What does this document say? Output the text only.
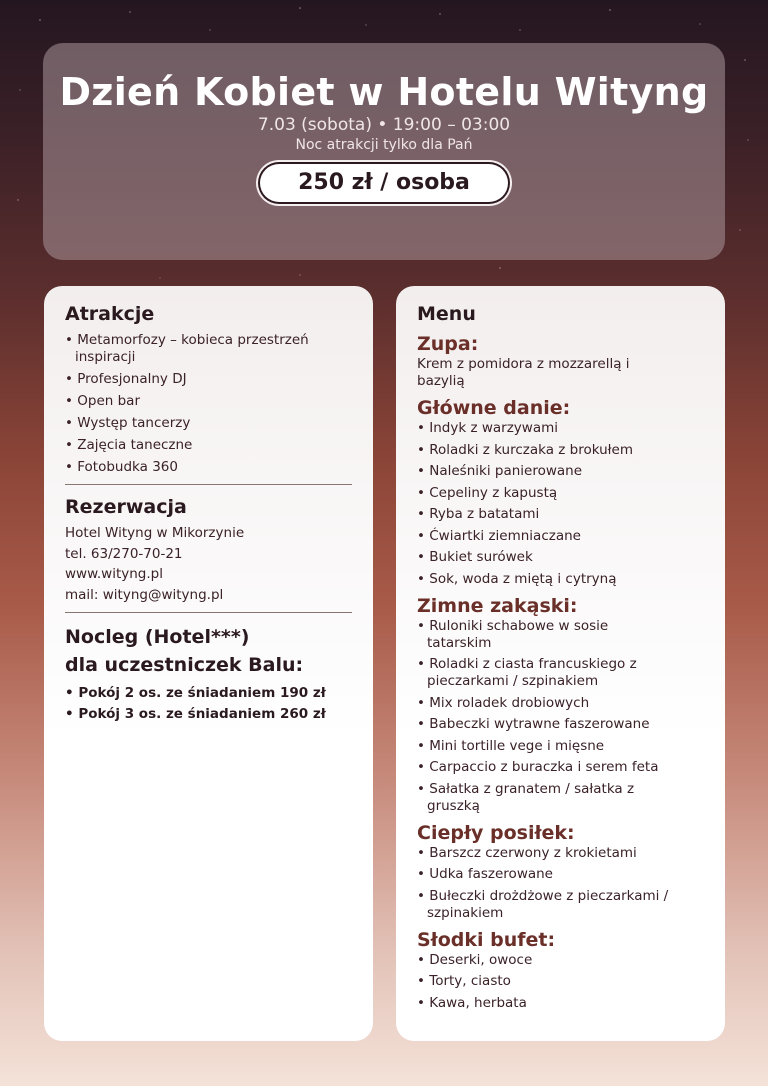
Dzień Kobiet w Hotelu Wityng
7.03 (sobota) • 19:00 – 03:00
Noc atrakcji tylko dla Pań
250 zł / osoba
Atrakcje
• Metamorfozy – kobieca przestrzeń inspiracji
• Profesjonalny DJ
• Open bar
• Występ tancerzy
• Zajęcia taneczne
• Fotobudka 360
Rezerwacja
Hotel Wityng w Mikorzynie
tel. 63/270-70-21
www.wityng.pl
mail: wityng@wityng.pl
Nocleg (Hotel***)
dla uczestniczek Balu:
• Pokój 2 os. ze śniadaniem 190 zł
• Pokój 3 os. ze śniadaniem 260 zł
Menu
Zupa:
Krem z pomidora z mozzarellą i bazylią
Główne danie:
• Indyk z warzywami
• Roladki z kurczaka z brokułem
• Naleśniki panierowane
• Cepeliny z kapustą
• Ryba z batatami
• Ćwiartki ziemniaczane
• Bukiet surówek
• Sok, woda z miętą i cytryną
Zimne zakąski:
• Ruloniki schabowe w sosie tatarskim
• Roladki z ciasta francuskiego z pieczarkami / szpinakiem
• Mix roladek drobiowych
• Babeczki wytrawne faszerowane
• Mini tortille vege i mięsne
• Carpaccio z buraczka i serem feta
• Sałatka z granatem / sałatka z gruszką
Ciepły posiłek:
• Barszcz czerwony z krokietami
• Udka faszerowane
• Bułeczki drożdżowe z pieczarkami / szpinakiem
Słodki bufet:
• Deserki, owoce
• Torty, ciasto
• Kawa, herbata
